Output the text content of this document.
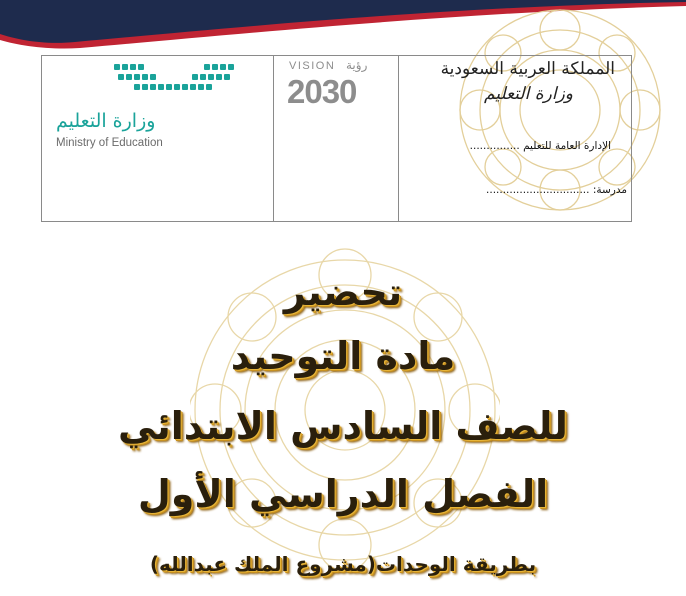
وزارة التعليم
Ministry of Education
VISION رؤية
2030
المملكة العربية السعودية
وزارة التعليم
الإدارة العامة للتعليم ...............
مدرسة: ...............................
تحضير
مادة التوحيد
للصف السادس الابتدائي
الفصل الدراسي الأول
بطريقة الوحدات(مشروع الملك عبدالله)
